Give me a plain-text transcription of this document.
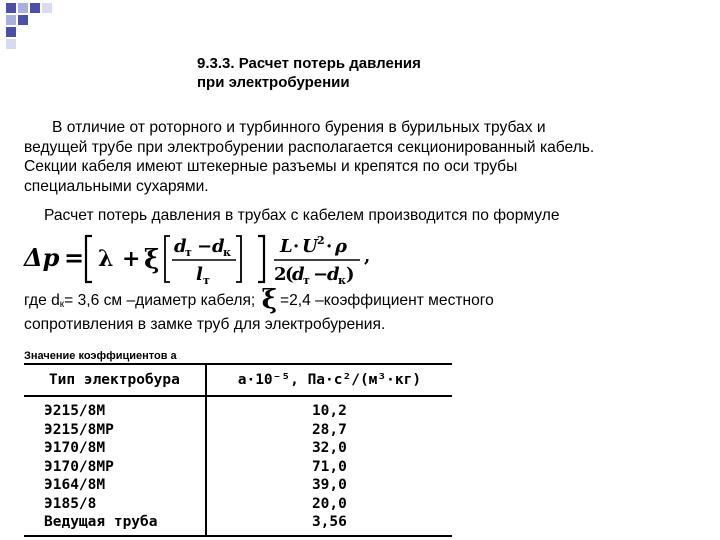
9.3.3. Расчет потерь давления
при электробурении
В отличие от роторного и турбинного бурения в бурильных трубах и
ведущей трубе при электробурении располагается секционированный кабель.
Секции кабеля имеют штекерные разъемы и крепятся по оси трубы
специальными сухарями.
Расчет потерь давления в трубах с кабелем производится по формуле
Δp = λ + ξ d
т − d
к
l т
L · U 2 · ρ
2
(
d
т −
d
к )
,
где $d_к= 3,6$ см –диаметр кабеля; ξ =2,4 –коэффициент местного
сопротивления в замке труб для электробурения.
Значение коэффициентов а
Тип электробура	а·10⁻⁵, Па·с²/(м³·кг)
Э215/8М	10,2
Э215/8МР	28,7
Э170/8М	32,0
Э170/8МР	71,0
Э164/8М	39,0
Э185/8	20,0
Ведущая труба	3,56
